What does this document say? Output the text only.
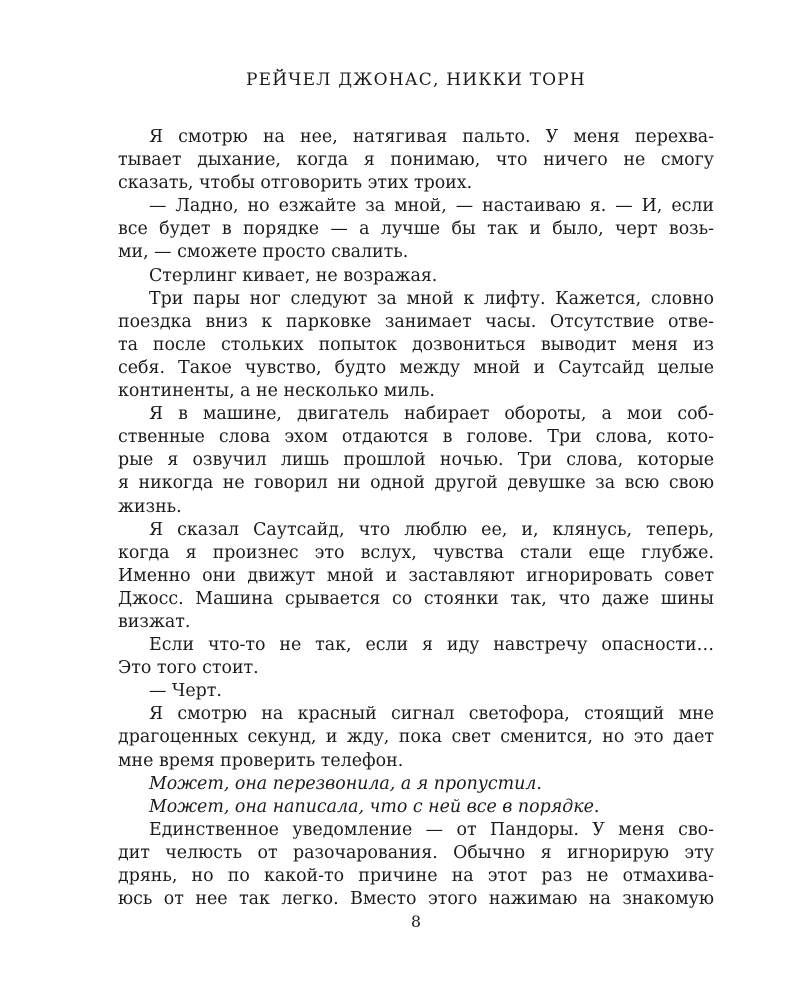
РЕЙЧЕЛ ДЖОНАС, НИККИ ТОРН
Я смотрю на нее, натягивая пальто. У меня перехва-
тывает дыхание, когда я понимаю, что ничего не смогу
сказать, чтобы отговорить этих троих.
— Ладно, но езжайте за мной, — настаиваю я. — И, если
все будет в порядке — а лучше бы так и было, черт возь-
ми, — сможете просто свалить.
Стерлинг кивает, не возражая.
Три пары ног следуют за мной к лифту. Кажется, словно
поездка вниз к парковке занимает часы. Отсутствие отве-
та после стольких попыток дозвониться выводит меня из
себя. Такое чувство, будто между мной и Саутсайд целые
континенты, а не несколько миль.
Я в машине, двигатель набирает обороты, а мои соб-
ственные слова эхом отдаются в голове. Три слова, кото-
рые я озвучил лишь прошлой ночью. Три слова, которые
я никогда не говорил ни одной другой девушке за всю свою
жизнь.
Я сказал Саутсайд, что люблю ее, и, клянусь, теперь,
когда я произнес это вслух, чувства стали еще глубже.
Именно они движут мной и заставляют игнорировать совет
Джосс. Машина срывается со стоянки так, что даже шины
визжат.
Если что-то не так, если я иду навстречу опасности…
Это того стоит.
— Черт.
Я смотрю на красный сигнал светофора, стоящий мне
драгоценных секунд, и жду, пока свет сменится, но это дает
мне время проверить телефон.
Может, она перезвонила, а я пропустил.
Может, она написала, что с ней все в порядке.
Единственное уведомление — от Пандоры. У меня сво-
дит челюсть от разочарования. Обычно я игнорирую эту
дрянь, но по какой-то причине на этот раз не отмахива-
юсь от нее так легко. Вместо этого нажимаю на знакомую
8
